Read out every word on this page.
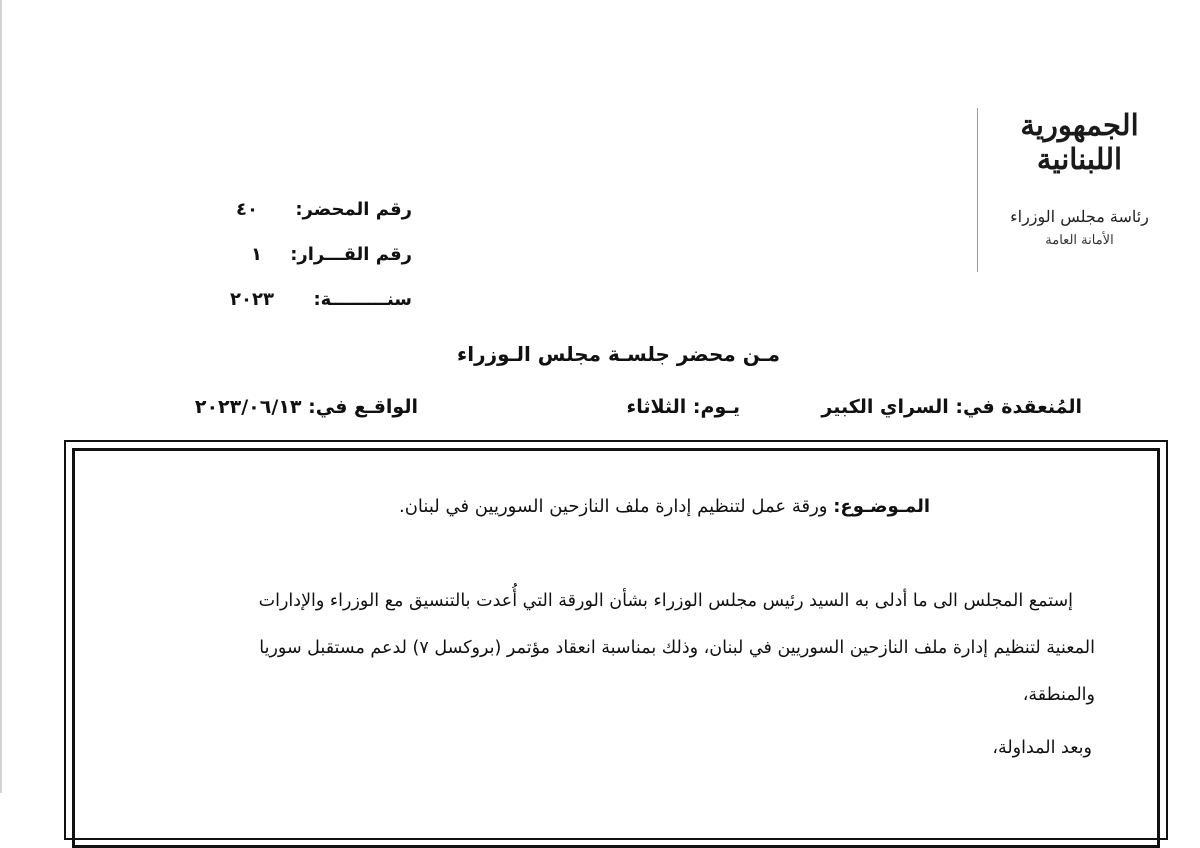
الجمهورية
اللبنانية
رئاسة مجلس الوزراء
الأمانة العامة
رقم المحضر:
٤٠
رقم القـــرار:
١
سنـــــــــة:
٢٠٢٣
مـن محضر جلسـة مجلس الـوزراء
المُنعقدة في: السراي الكبير
يـوم: الثلاثاء
الواقـع في: ٢٠٢٣/٠٦/١٣
المـوضـوع: ورقة عمل لتنظيم إدارة ملف النازحين السوريين في لبنان.
إستمع المجلس الى ما أدلى به السيد رئيس مجلس الوزراء بشأن الورقة التي أُعدت بالتنسيق مع الوزراء والإدارات
المعنية لتنظيم إدارة ملف النازحين السوريين في لبنان، وذلك بمناسبة انعقاد مؤتمر (بروكسل ٧) لدعم مستقبل سوريا
والمنطقة،
وبعد المداولة،
